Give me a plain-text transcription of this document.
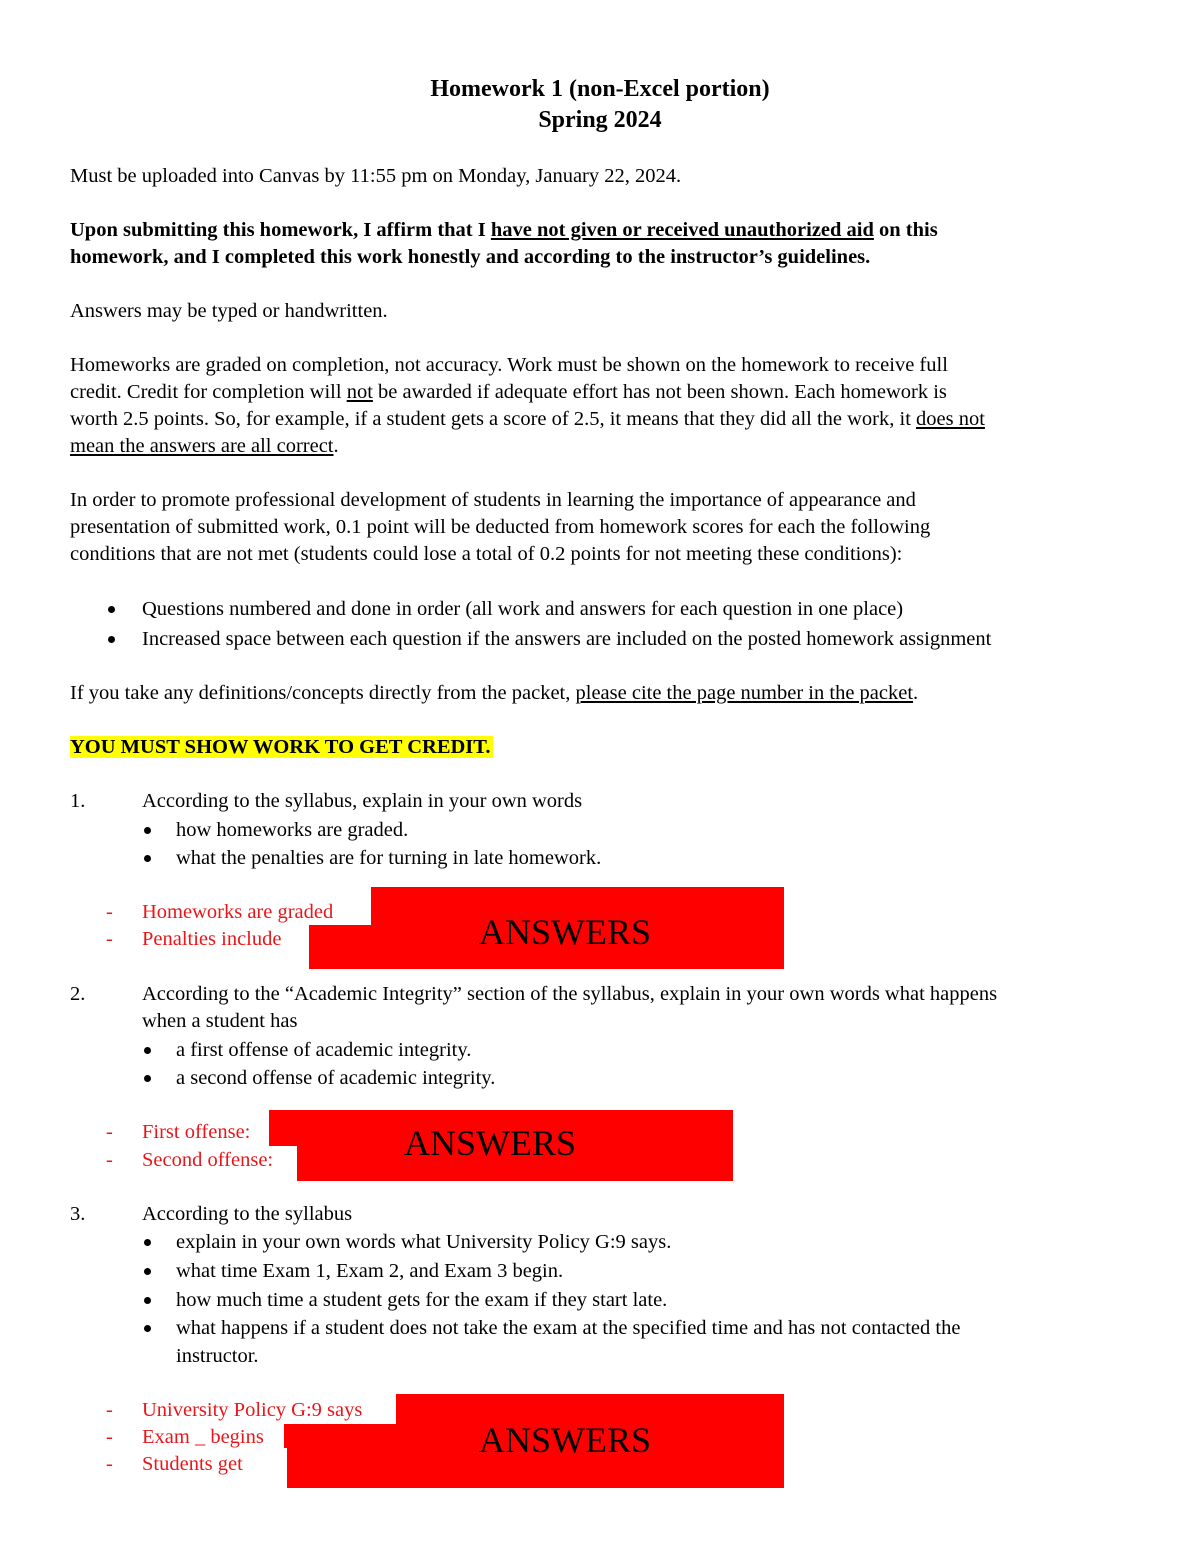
Homework 1 (non-Excel portion)
Spring 2024
Must be uploaded into Canvas by 11:55 pm on Monday, January 22, 2024.
Upon submitting this homework, I affirm that I have not given or received unauthorized aid on this
homework, and I completed this work honestly and according to the instructor’s guidelines.
Answers may be typed or handwritten.
Homeworks are graded on completion, not accuracy. Work must be shown on the homework to receive full
credit. Credit for completion will not be awarded if adequate effort has not been shown. Each homework is
worth 2.5 points. So, for example, if a student gets a score of 2.5, it means that they did all the work, it does not
mean the answers are all correct.
In order to promote professional development of students in learning the importance of appearance and
presentation of submitted work, 0.1 point will be deducted from homework scores for each the following
conditions that are not met (students could lose a total of 0.2 points for not meeting these conditions):
Questions numbered and done in order (all work and answers for each question in one place)
Increased space between each question if the answers are included on the posted homework assignment
If you take any definitions/concepts directly from the packet, please cite the page number in the packet.
YOU MUST SHOW WORK TO GET CREDIT.
1.	According to the syllabus, explain in your own words
how homeworks are graded.
what the penalties are for turning in late homework.
- Homeworks are graded
- Penalties include	ANSWERS
2.	According to the “Academic Integrity” section of the syllabus, explain in your own words what happens
when a student has
a first offense of academic integrity.
a second offense of academic integrity.
- First offense:
- Second offense:	ANSWERS
3.	According to the syllabus
explain in your own words what University Policy G:9 says.
what time Exam 1, Exam 2, and Exam 3 begin.
how much time a student gets for the exam if they start late.
what happens if a student does not take the exam at the specified time and has not contacted the
instructor.
- University Policy G:9 says
- Exam _ begins
- Students get
ANSWERS
